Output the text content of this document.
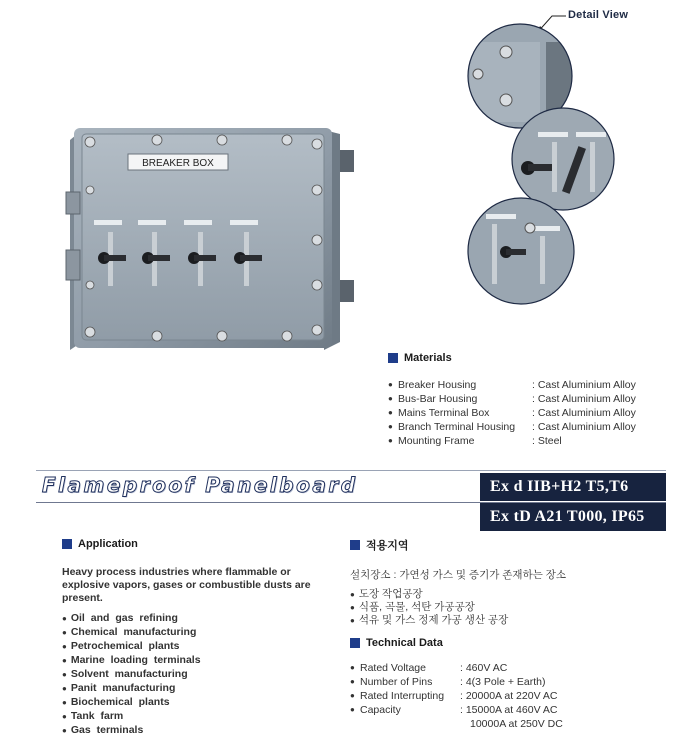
BREAKER BOX
Detail View
Materials
● Breaker Housing	: Cast Aluminium Alloy
● Bus-Bar Housing	: Cast Aluminium Alloy
● Mains Terminal Box	: Cast Aluminium Alloy
● Branch Terminal Housing	: Cast Aluminium Alloy
● Mounting Frame	: Steel
Flameproof Panelboard	Ex d IIB+H2 T5,T6
Ex tD A21 T000, IP65
Application
Heavy process industries where flammable or explosive vapors, gases or combustible dusts are present.
● Oil and gas refining
● Chemical manufacturing
● Petrochemical plants
● Marine loading terminals
● Solvent manufacturing
● Panit manufacturing
● Biochemical plants
● Tank farm
● Gas terminals
적용지역
설치장소 : 가연성 가스 및 증기가 존재하는 장소
● 도장 작업공장
● 식품, 곡물, 석탄 가공공장
● 석유 및 가스 정제 가공 생산 공장
Technical Data
● Rated Voltage	: 460V AC
● Number of Pins	: 4(3 Pole + Earth)
● Rated Interrupting	: 20000A at 220V AC
● Capacity	: 15000A at 460V AC
10000A at 250V DC
